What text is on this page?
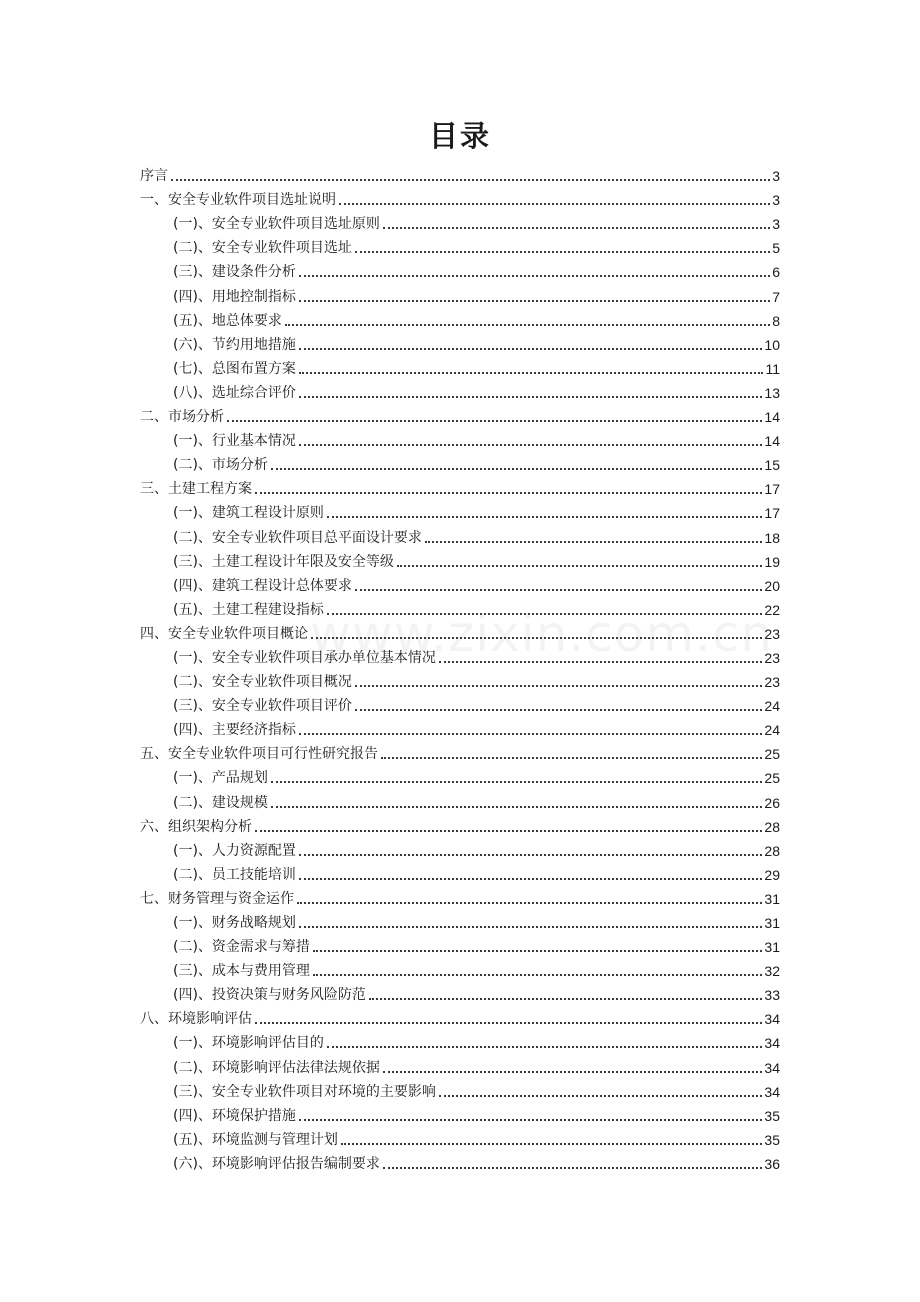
目录
序言	3
一、安全专业软件项目选址说明	3
(一)、安全专业软件项目选址原则	3
(二)、安全专业软件项目选址	5
(三)、建设条件分析	6
(四)、用地控制指标	7
(五)、地总体要求	8
(六)、节约用地措施	10
(七)、总图布置方案	11
(八)、选址综合评价	13
二、市场分析	14
(一)、行业基本情况	14
(二)、市场分析	15
三、土建工程方案	17
(一)、建筑工程设计原则	17
(二)、安全专业软件项目总平面设计要求	18
(三)、土建工程设计年限及安全等级	19
(四)、建筑工程设计总体要求	20
(五)、土建工程建设指标	22
四、安全专业软件项目概论	23
(一)、安全专业软件项目承办单位基本情况	23
(二)、安全专业软件项目概况	23
(三)、安全专业软件项目评价	24
(四)、主要经济指标	24
五、安全专业软件项目可行性研究报告	25
(一)、产品规划	25
(二)、建设规模	26
六、组织架构分析	28
(一)、人力资源配置	28
(二)、员工技能培训	29
七、财务管理与资金运作	31
(一)、财务战略规划	31
(二)、资金需求与筹措	31
(三)、成本与费用管理	32
(四)、投资决策与财务风险防范	33
八、环境影响评估	34
(一)、环境影响评估目的	34
(二)、环境影响评估法律法规依据	34
(三)、安全专业软件项目对环境的主要影响	34
(四)、环境保护措施	35
(五)、环境监测与管理计划	35
(六)、环境影响评估报告编制要求	36
